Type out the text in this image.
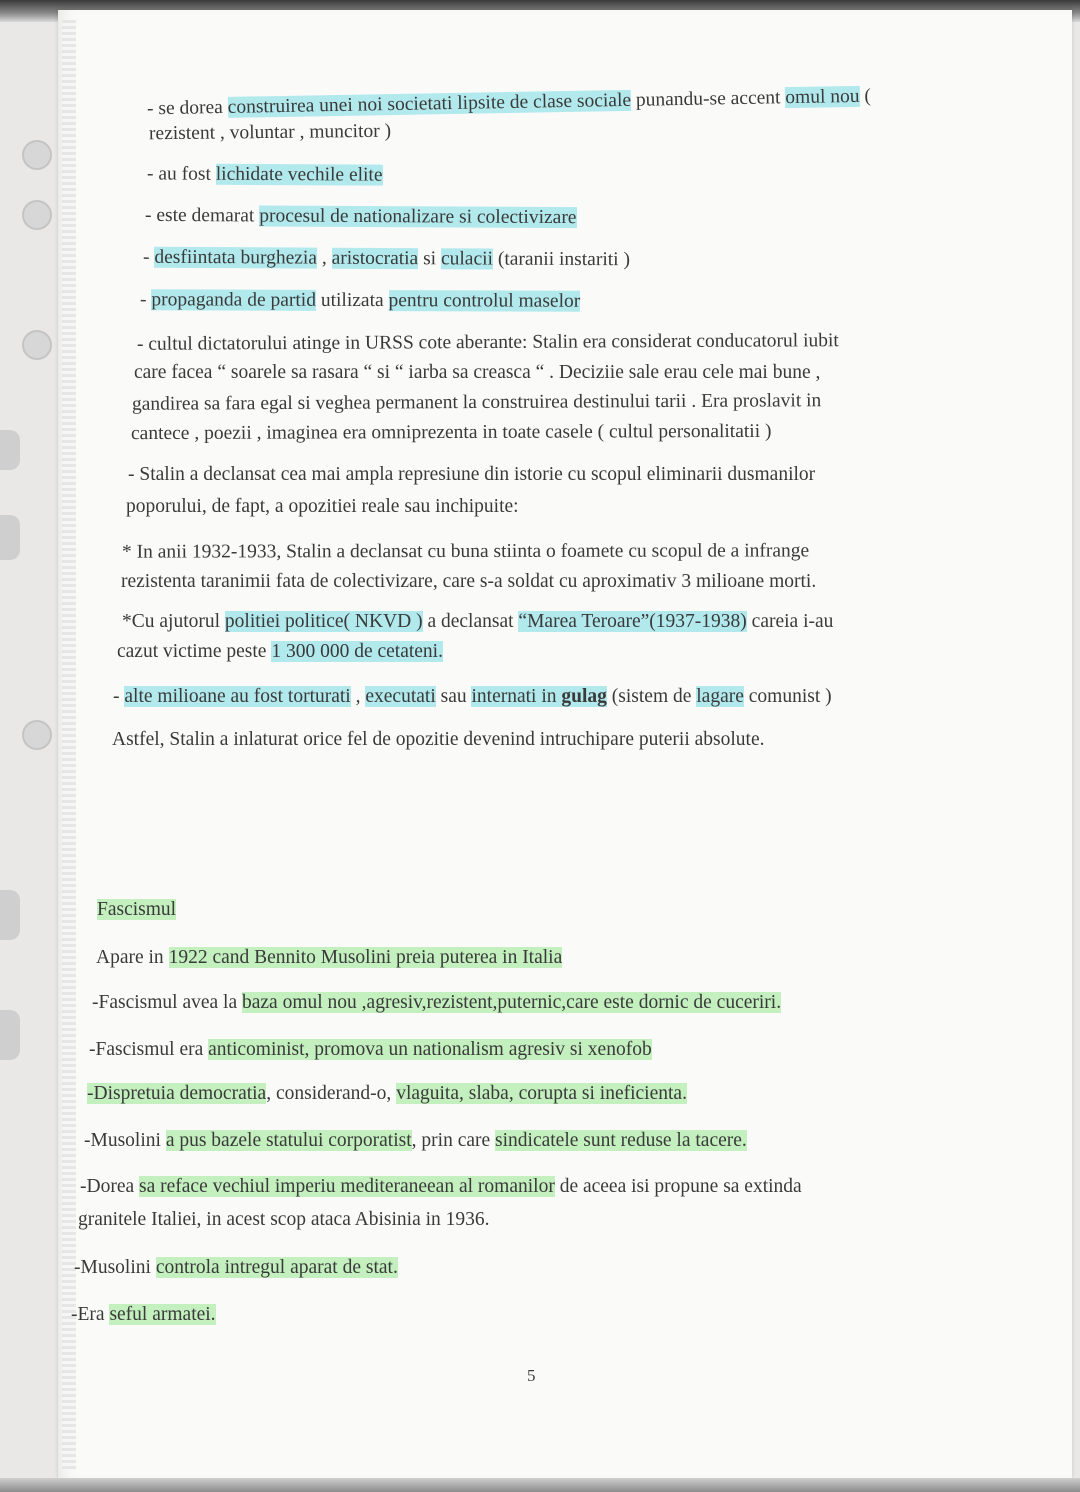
- se dorea construirea unei noi societati lipsite de clase sociale punandu-se accent omul nou (
rezistent , voluntar , muncitor )
- au fost lichidate vechile elite
- este demarat procesul de nationalizare si colectivizare
- desfiintata burghezia , aristocratia si culacii (taranii instariti )
- propaganda de partid utilizata pentru controlul maselor
- cultul dictatorului atinge in URSS cote aberante: Stalin era considerat conducatorul iubit
care facea “ soarele sa rasara “ si “ iarba sa creasca “ . Deciziie sale erau cele mai bune ,
gandirea sa fara egal si veghea permanent la construirea destinului tarii . Era proslavit in
cantece , poezii , imaginea era omniprezenta in toate casele ( cultul personalitatii )
- Stalin a declansat cea mai ampla represiune din istorie cu scopul eliminarii dusmanilor
poporului, de fapt, a opozitiei reale sau inchipuite:
* In anii 1932-1933, Stalin a declansat cu buna stiinta o foamete cu scopul de a infrange
rezistenta taranimii fata de colectivizare, care s-a soldat cu aproximativ 3 milioane morti.
*Cu ajutorul politiei politice( NKVD ) a declansat “Marea Teroare”(1937-1938) careia i-au
cazut victime peste 1 300 000 de cetateni.
- alte milioane au fost torturati , executati sau internati in gulag (sistem de lagare comunist )
Astfel, Stalin a inlaturat orice fel de opozitie devenind intruchipare puterii absolute.
Fascismul
Apare in 1922 cand Bennito Musolini preia puterea in Italia
-Fascismul avea la baza omul nou ,agresiv,rezistent,puternic,care este dornic de cuceriri.
-Fascismul era anticominist, promova un nationalism agresiv si xenofob
-Dispretuia democratia, considerand-o, vlaguita, slaba, corupta si ineficienta.
-Musolini a pus bazele statului corporatist, prin care sindicatele sunt reduse la tacere.
-Dorea sa reface vechiul imperiu mediteraneean al romanilor de aceea isi propune sa extinda
granitele Italiei, in acest scop ataca Abisinia in 1936.
-Musolini controla intregul aparat de stat.
-Era seful armatei.
5
